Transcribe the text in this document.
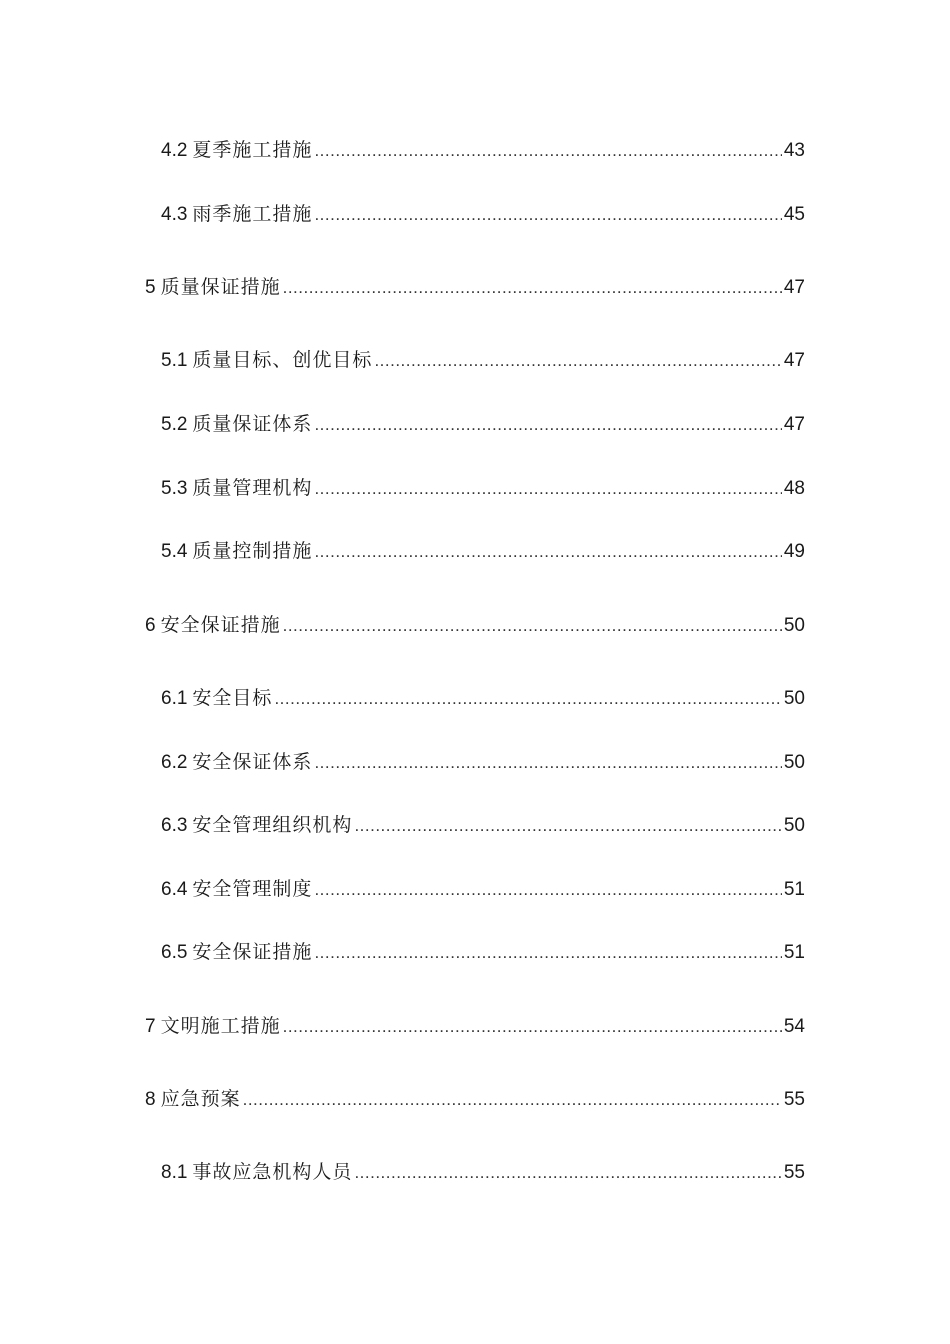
4.2 夏季施工措施 .....	43
4.3 雨季施工措施 .....	45
5 质量保证措施 .....	47
5.1 质量目标、创优目标 .....	47
5.2 质量保证体系 .....	47
5.3 质量管理机构 .....	48
5.4 质量控制措施 .....	49
6 安全保证措施 .....	50
6.1 安全目标 .....	50
6.2 安全保证体系 .....	50
6.3 安全管理组织机构 .....	50
6.4 安全管理制度 .....	51
6.5 安全保证措施 .....	51
7 文明施工措施 .....	54
8 应急预案 .....	55
8.1 事故应急机构人员 .....	55
